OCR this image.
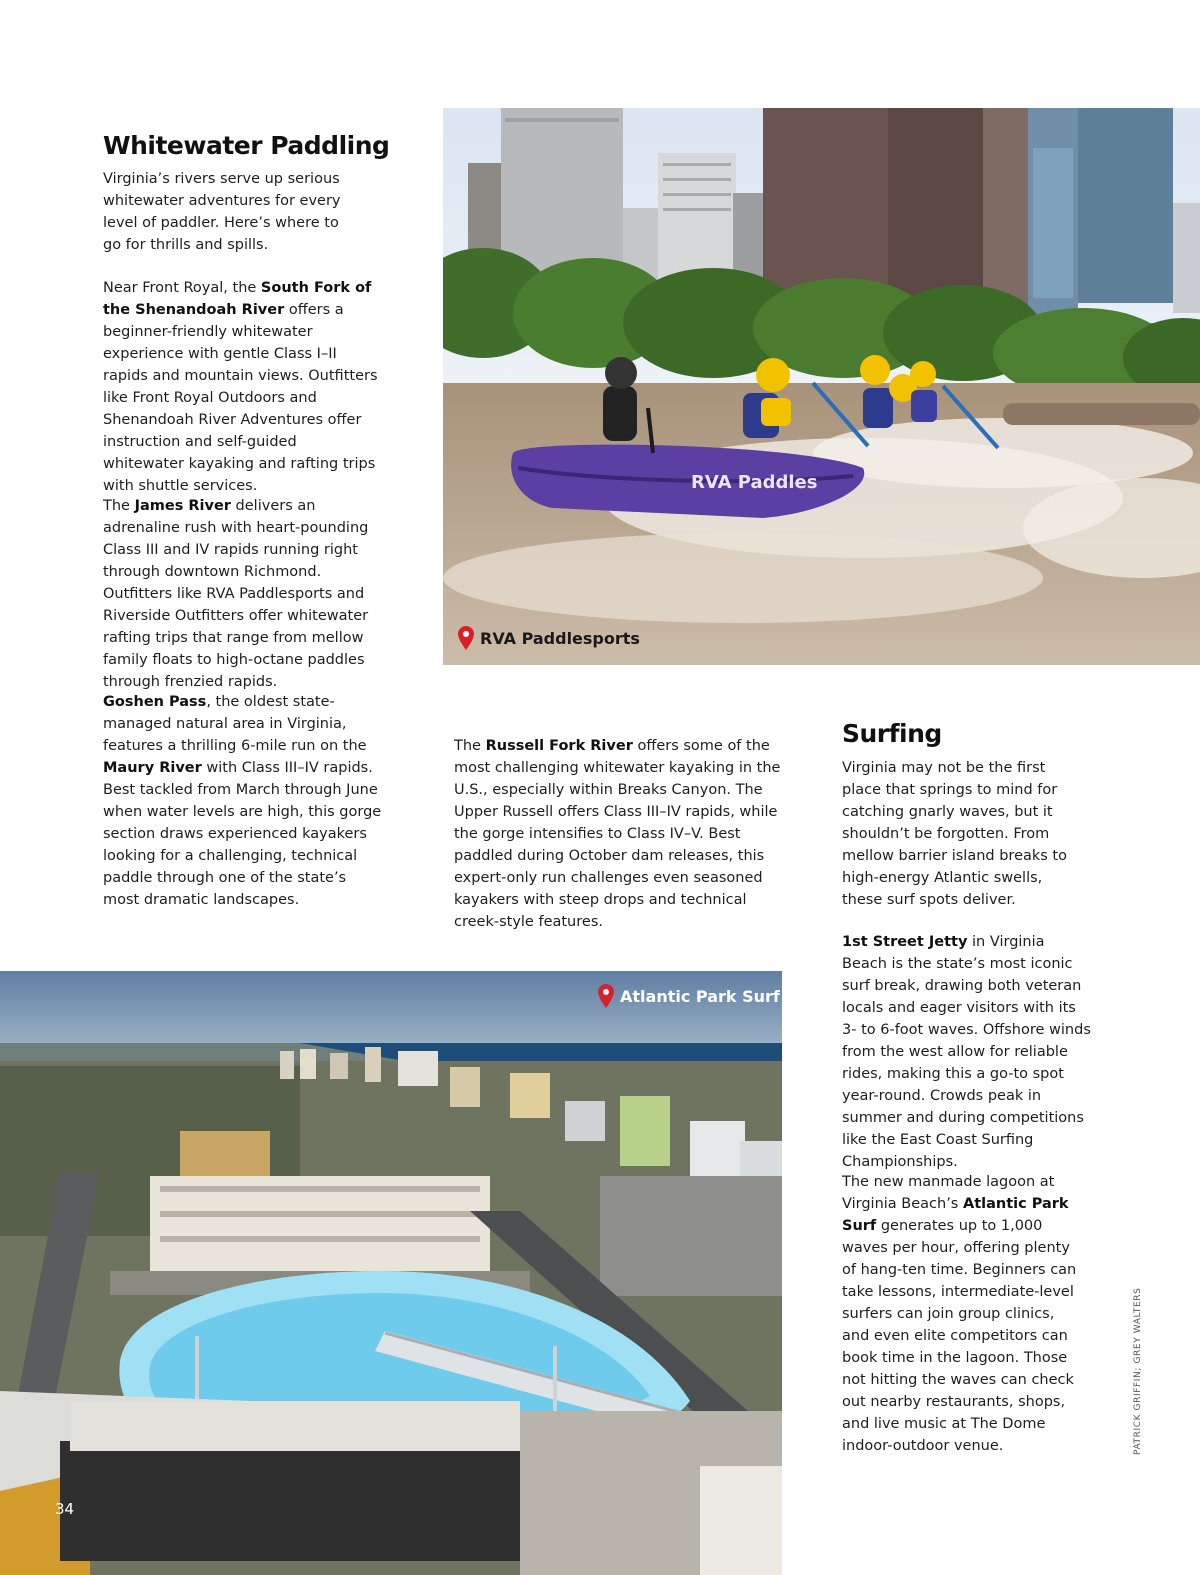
Whitewater Paddling

Virginia’s rivers serve up serious whitewater adventures for every level of paddler. Here’s where to go for thrills and spills.

Near Front Royal, the South Fork of the Shenandoah River offers a beginner-friendly whitewater experience with gentle Class I–II rapids and mountain views. Outfitters like Front Royal Outdoors and Shenandoah River Adventures offer instruction and self-guided whitewater kayaking and rafting trips with shuttle services.

The James River delivers an adrenaline rush with heart-pounding Class III and IV rapids running right through downtown Richmond. Outfitters like RVA Paddlesports and Riverside Outfitters offer whitewater rafting trips that range from mellow family floats to high-octane paddles through frenzied rapids.

Goshen Pass, the oldest state-managed natural area in Virginia, features a thrilling 6-mile run on the Maury River with Class III–IV rapids. Best tackled from March through June when water levels are high, this gorge section draws experienced kayakers looking for a challenging, technical paddle through one of the state’s most dramatic landscapes.

The Russell Fork River offers some of the most challenging whitewater kayaking in the U.S., especially within Breaks Canyon. The Upper Russell offers Class III–IV rapids, while the gorge intensifies to Class IV–V. Best paddled during October dam releases, this expert-only run challenges even seasoned kayakers with steep drops and technical creek-style features.

Surfing

Virginia may not be the first place that springs to mind for catching gnarly waves, but it shouldn’t be forgotten. From mellow barrier island breaks to high-energy Atlantic swells, these surf spots deliver.

1st Street Jetty in Virginia Beach is the state’s most iconic surf break, drawing both veteran locals and eager visitors with its 3- to 6-foot waves. Offshore winds from the west allow for reliable rides, making this a go-to spot year-round. Crowds peak in summer and during competitions like the East Coast Surfing Championships.

The new manmade lagoon at Virginia Beach’s Atlantic Park Surf generates up to 1,000 waves per hour, offering plenty of hang-ten time. Beginners can take lessons, intermediate-level surfers can join group clinics, and even elite competitors can book time in the lagoon. Those not hitting the waves can check out nearby restaurants, shops, and live music at The Dome indoor-outdoor venue.

RVA Paddles
RVA Paddlesports
Atlantic Park Surf
34
PATRICK GRIFFIN; GREY WALTERS
